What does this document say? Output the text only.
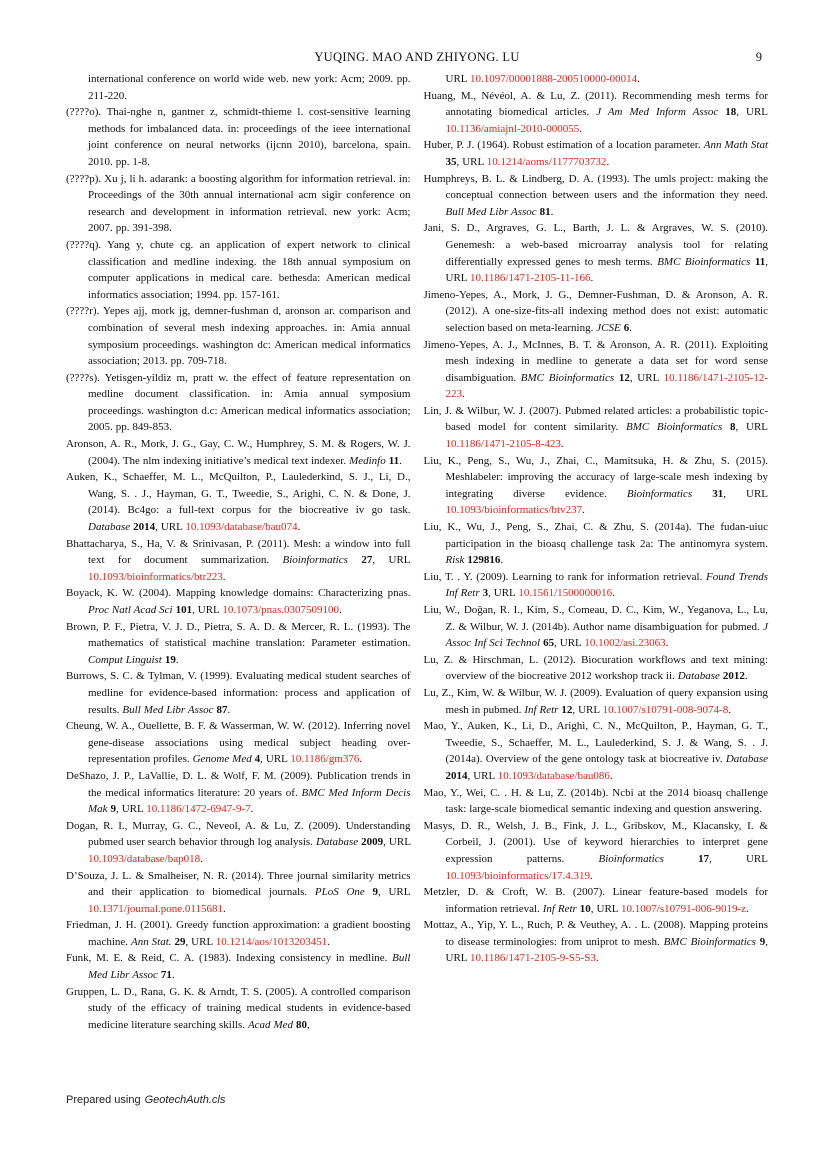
YUQING. MAO AND ZHIYONG. LU	9

international conference on world wide web. new york: Acm; 2009. pp. 211-220.

(????o). Thai-nghe n, gantner z, schmidt-thieme l. cost-sensitive learning methods for imbalanced data. in: proceedings of the ieee international joint conference on neural networks (ijcnn 2010), barcelona, spain. 2010. pp. 1-8.

(????p). Xu j, li h. adarank: a boosting algorithm for information retrieval. in: Proceedings of the 30th annual international acm sigir conference on research and development in information retrieval. new york: Acm; 2007. pp. 391-398.

(????q). Yang y, chute cg. an application of expert network to clinical classification and medline indexing. the 18th annual symposium on computer applications in medical care. bethesda: American medical informatics association; 1994. pp. 157-161.

(????r). Yepes ajj, mork jg, demner-fushman d, aronson ar. comparison and combination of several mesh indexing approaches. in: Amia annual symposium proceedings. washington dc: American medical informatics association; 2013. pp. 709-718.

(????s). Yetisgen-yildiz m, pratt w. the effect of feature representation on medline document classification. in: Amia annual symposium proceedings. washington d.c: American medical informatics association; 2005. pp. 849-853.

Aronson, A. R., Mork, J. G., Gay, C. W., Humphrey, S. M. & Rogers, W. J. (2004). The nlm indexing initiative’s medical text indexer. Medinfo 11.

Auken, K., Schaeffer, M. L., McQuilton, P., Laulederkind, S. J., Li, D., Wang, S. . J., Hayman, G. T., Tweedie, S., Arighi, C. N. & Done, J. (2014). Bc4go: a full-text corpus for the biocreative iv go task. Database 2014, URL 10.1093/database/bau074.

Bhattacharya, S., Ha, V. & Srinivasan, P. (2011). Mesh: a window into full text for document summarization. Bioinformatics 27, URL 10.1093/bioinformatics/btr223.

Boyack, K. W. (2004). Mapping knowledge domains: Characterizing pnas. Proc Natl Acad Sci 101, URL 10.1073/pnas.0307509100.

Brown, P. F., Pietra, V. J. D., Pietra, S. A. D. & Mercer, R. L. (1993). The mathematics of statistical machine translation: Parameter estimation. Comput Linguist 19.

Burrows, S. C. & Tylman, V. (1999). Evaluating medical student searches of medline for evidence-based information: process and application of results. Bull Med Libr Assoc 87.

Cheung, W. A., Ouellette, B. F. & Wasserman, W. W. (2012). Inferring novel gene-disease associations using medical subject heading over-representation profiles. Genome Med 4, URL 10.1186/gm376.

DeShazo, J. P., LaVallie, D. L. & Wolf, F. M. (2009). Publication trends in the medical informatics literature: 20 years of. BMC Med Inform Decis Mak 9, URL 10.1186/1472-6947-9-7.

Dogan, R. I., Murray, G. C., Neveol, A. & Lu, Z. (2009). Understanding pubmed user search behavior through log analysis. Database 2009, URL 10.1093/database/bap018.

D’Souza, J. L. & Smalheiser, N. R. (2014). Three journal similarity metrics and their application to biomedical journals. PLoS One 9, URL 10.1371/journal.pone.0115681.

Friedman, J. H. (2001). Greedy function approximation: a gradient boosting machine. Ann Stat. 29, URL 10.1214/aos/1013203451.

Funk, M. E. & Reid, C. A. (1983). Indexing consistency in medline. Bull Med Libr Assoc 71.

Gruppen, L. D., Rana, G. K. & Arndt, T. S. (2005). A controlled comparison study of the efficacy of training medical students in evidence-based medicine literature searching skills. Acad Med 80,

URL 10.1097/00001888-200510000-00014.

Huang, M., Névéol, A. & Lu, Z. (2011). Recommending mesh terms for annotating biomedical articles. J Am Med Inform Assoc 18, URL 10.1136/amiajnl-2010-000055.

Huber, P. J. (1964). Robust estimation of a location parameter. Ann Math Stat 35, URL 10.1214/aoms/1177703732.

Humphreys, B. L. & Lindberg, D. A. (1993). The umls project: making the conceptual connection between users and the information they need. Bull Med Libr Assoc 81.

Jani, S. D., Argraves, G. L., Barth, J. L. & Argraves, W. S. (2010). Genemesh: a web-based microarray analysis tool for relating differentially expressed genes to mesh terms. BMC Bioinformatics 11, URL 10.1186/1471-2105-11-166.

Jimeno-Yepes, A., Mork, J. G., Demner-Fushman, D. & Aronson, A. R. (2012). A one-size-fits-all indexing method does not exist: automatic selection based on meta-learning. JCSE 6.

Jimeno-Yepes, A. J., McInnes, B. T. & Aronson, A. R. (2011). Exploiting mesh indexing in medline to generate a data set for word sense disambiguation. BMC Bioinformatics 12, URL 10.1186/1471-2105-12-223.

Lin, J. & Wilbur, W. J. (2007). Pubmed related articles: a probabilistic topic-based model for content similarity. BMC Bioinformatics 8, URL 10.1186/1471-2105-8-423.

Liu, K., Peng, S., Wu, J., Zhai, C., Mamitsuka, H. & Zhu, S. (2015). Meshlabeler: improving the accuracy of large-scale mesh indexing by integrating diverse evidence. Bioinformatics 31, URL 10.1093/bioinformatics/btv237.

Liu, K., Wu, J., Peng, S., Zhai, C. & Zhu, S. (2014a). The fudan-uiuc participation in the bioasq challenge task 2a: The antinomyra system. Risk 129816.

Liu, T. . Y. (2009). Learning to rank for information retrieval. Found Trends Inf Retr 3, URL 10.1561/1500000016.

Liu, W., Doğan, R. I., Kim, S., Comeau, D. C., Kim, W., Yeganova, L., Lu, Z. & Wilbur, W. J. (2014b). Author name disambiguation for pubmed. J Assoc Inf Sci Technol 65, URL 10.1002/asi.23063.

Lu, Z. & Hirschman, L. (2012). Biocuration workflows and text mining: overview of the biocreative 2012 workshop track ii. Database 2012.

Lu, Z., Kim, W. & Wilbur, W. J. (2009). Evaluation of query expansion using mesh in pubmed. Inf Retr 12, URL 10.1007/s10791-008-9074-8.

Mao, Y., Auken, K., Li, D., Arighi, C. N., McQuilton, P., Hayman, G. T., Tweedie, S., Schaeffer, M. L., Laulederkind, S. J. & Wang, S. . J. (2014a). Overview of the gene ontology task at biocreative iv. Database 2014, URL 10.1093/database/bau086.

Mao, Y., Wei, C. . H. & Lu, Z. (2014b). Ncbi at the 2014 bioasq challenge task: large-scale biomedical semantic indexing and question answering.

Masys, D. R., Welsh, J. B., Fink, J. L., Gribskov, M., Klacansky, I. & Corbeil, J. (2001). Use of keyword hierarchies to interpret gene expression patterns. Bioinformatics	17, URL 10.1093/bioinformatics/17.4.319.

Metzler, D. & Croft, W. B. (2007). Linear feature-based models for information retrieval. Inf Retr 10, URL 10.1007/s10791-006-9019-z.

Mottaz, A., Yip, Y. L., Ruch, P. & Veuthey, A. . L. (2008). Mapping proteins to disease terminologies: from uniprot to mesh. BMC Bioinformatics 9, URL 10.1186/1471-2105-9-S5-S3.

Prepared using GeotechAuth.cls
